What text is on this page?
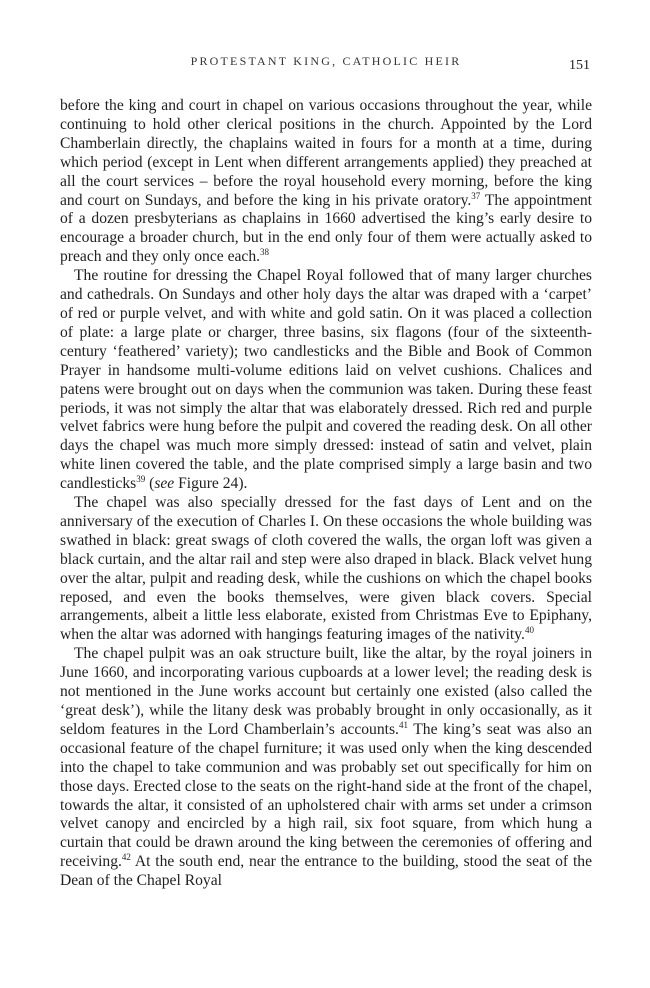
PROTESTANT KING, CATHOLIC HEIR	151

before the king and court in chapel on various occasions throughout the year, while continuing to hold other clerical positions in the church. Appointed by the Lord Chamberlain directly, the chaplains waited in fours for a month at a time, during which period (except in Lent when different arrangements applied) they preached at all the court services – before the royal household every morning, before the king and court on Sundays, and before the king in his private oratory.$^{37}$ The appointment of a dozen presbyterians as chaplains in 1660 advertised the king’s early desire to encourage a broader church, but in the end only four of them were actually asked to preach and they only once each.$^{38}$

The routine for dressing the Chapel Royal followed that of many larger churches and cathedrals. On Sundays and other holy days the altar was draped with a ‘carpet’ of red or purple velvet, and with white and gold satin. On it was placed a collection of plate: a large plate or charger, three basins, six flagons (four of the sixteenth-century ‘feathered’ variety); two candlesticks and the Bible and Book of Common Prayer in handsome multi-volume editions laid on velvet cushions. Chalices and patens were brought out on days when the communion was taken. During these feast periods, it was not simply the altar that was elaborately dressed. Rich red and purple velvet fabrics were hung before the pulpit and covered the reading desk. On all other days the chapel was much more simply dressed: instead of satin and velvet, plain white linen covered the table, and the plate comprised simply a large basin and two candlesticks$^{39}$ (see Figure 24).

The chapel was also specially dressed for the fast days of Lent and on the anniversary of the execution of Charles I. On these occasions the whole building was swathed in black: great swags of cloth covered the walls, the organ loft was given a black curtain, and the altar rail and step were also draped in black. Black velvet hung over the altar, pulpit and reading desk, while the cushions on which the chapel books reposed, and even the books themselves, were given black covers. Special arrangements, albeit a little less elaborate, existed from Christmas Eve to Epiphany, when the altar was adorned with hangings featuring images of the nativity.$^{40}$

The chapel pulpit was an oak structure built, like the altar, by the royal joiners in June 1660, and incorporating various cupboards at a lower level; the reading desk is not mentioned in the June works account but certainly one existed (also called the ‘great desk’), while the litany desk was probably brought in only occasionally, as it seldom features in the Lord Chamberlain’s accounts.$^{41}$ The king’s seat was also an occasional feature of the chapel furniture; it was used only when the king descended into the chapel to take communion and was probably set out specifically for him on those days. Erected close to the seats on the right-hand side at the front of the chapel, towards the altar, it consisted of an upholstered chair with arms set under a crimson velvet canopy and encircled by a high rail, six foot square, from which hung a curtain that could be drawn around the king between the ceremonies of offering and receiving.$^{42}$ At the south end, near the entrance to the building, stood the seat of the Dean of the Chapel Royal
